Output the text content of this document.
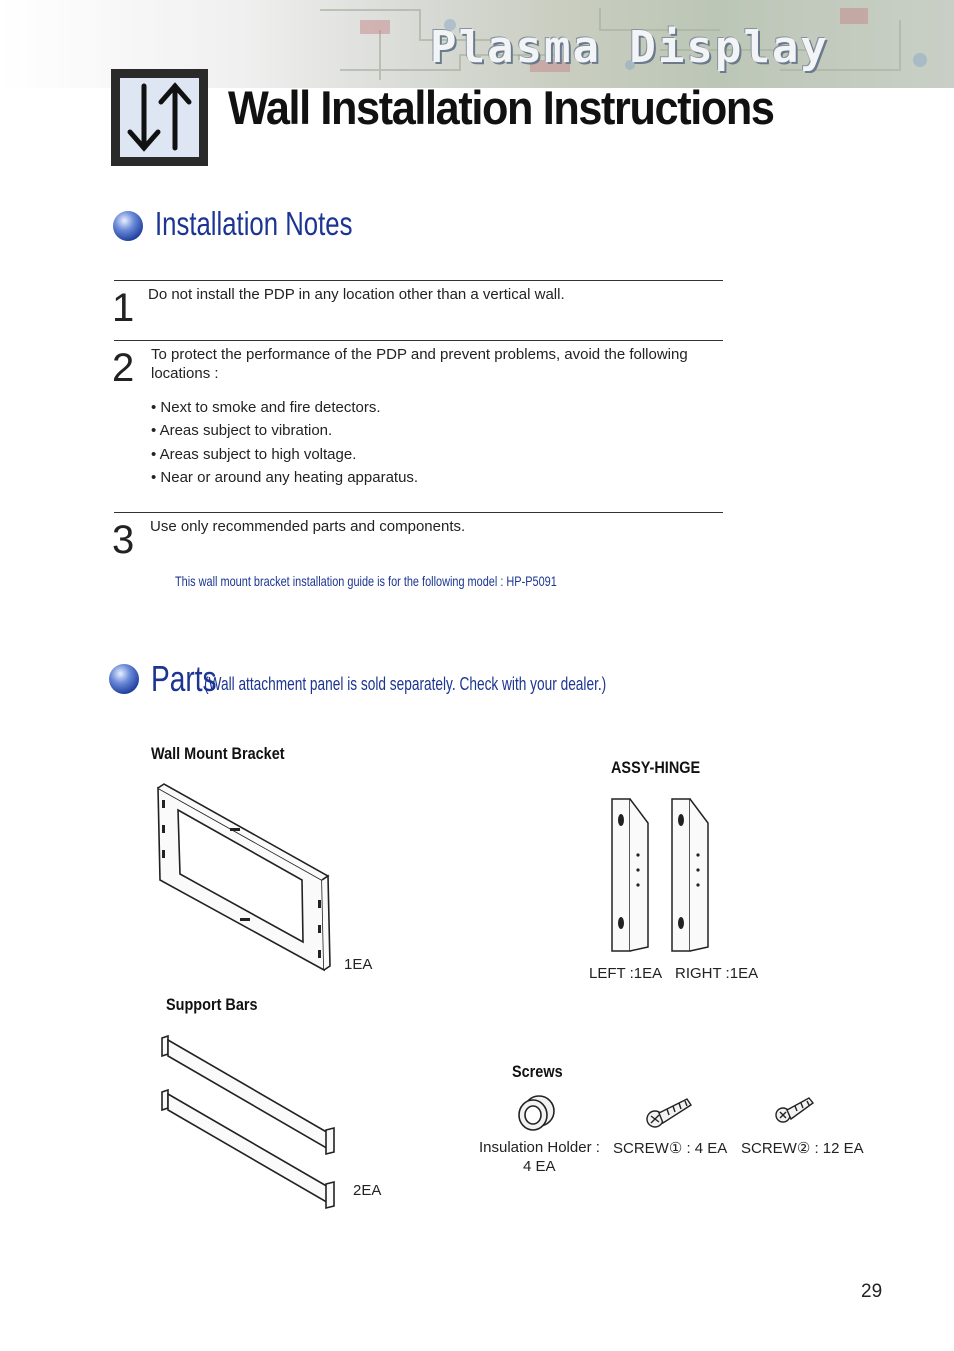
Plasma Display
Wall Installation Instructions
Installation Notes
1 Do not install the PDP in any location other than a vertical wall.
2 To protect the performance of the PDP and prevent problems, avoid the following locations :
• Next to smoke and fire detectors.
• Areas subject to vibration.
• Areas subject to high voltage.
• Near or around any heating apparatus.
3 Use only recommended parts and components.
This wall mount bracket installation guide is for the following model : HP-P5091
Parts
(Wall attachment panel is sold separately. Check with your dealer.)
Wall Mount Bracket
1EA
ASSY-HINGE
LEFT :1EA RIGHT :1EA
Support Bars
2EA
Screws
Insulation Holder :
4 EA
SCREW① : 4 EA SCREW② : 12 EA
29
